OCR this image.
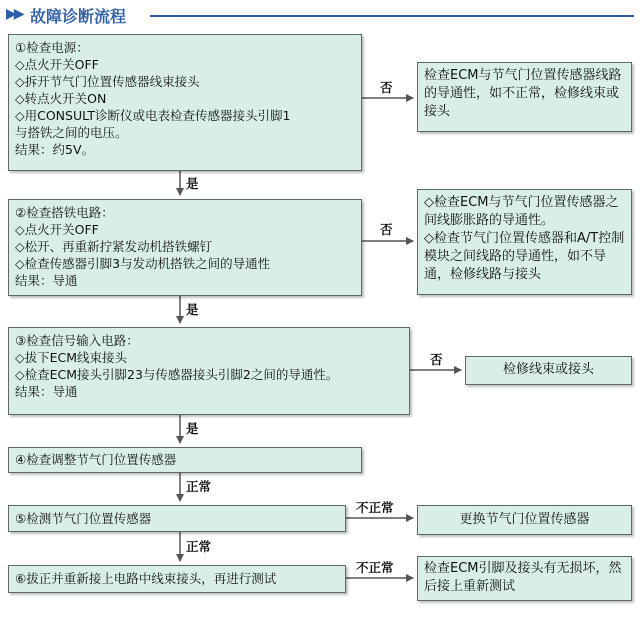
▶▶ 故障诊断流程
①检查电源：
◇点火开关OFF
◇拆开节气门位置传感器线束接头
◇转点火开关ON
◇用CONSULT诊断仪或电表检查传感器接头引脚1
与搭铁之间的电压。
结果：约5V。
②检查搭铁电路：
◇点火开关OFF
◇松开、再重新拧紧发动机搭铁螺钉
◇检查传感器引脚3与发动机搭铁之间的导通性
结果：导通
③检查信号输入电路：
◇拔下ECM线束接头
◇检查ECM接头引脚23与传感器接头引脚2之间的导通性。
结果：导通
④检查调整节气门位置传感器
⑤检测节气门位置传感器
⑥拔正并重新接上电路中线束接头，再进行测试
检查ECM与节气门位置传感器线路的导通性，如不正常，检修线束或接头
◇检查ECM与节气门位置传感器之间线膨胀路的导通性。
◇检查节气门位置传感器和A/T控制模块之间线路的导通性，如不导通，检修线路与接头
检修线束或接头
更换节气门位置传感器
检查ECM引脚及接头有无损坏，然后接上重新测试
否
否
否
不正常
不正常
是
是
是
正常
正常
